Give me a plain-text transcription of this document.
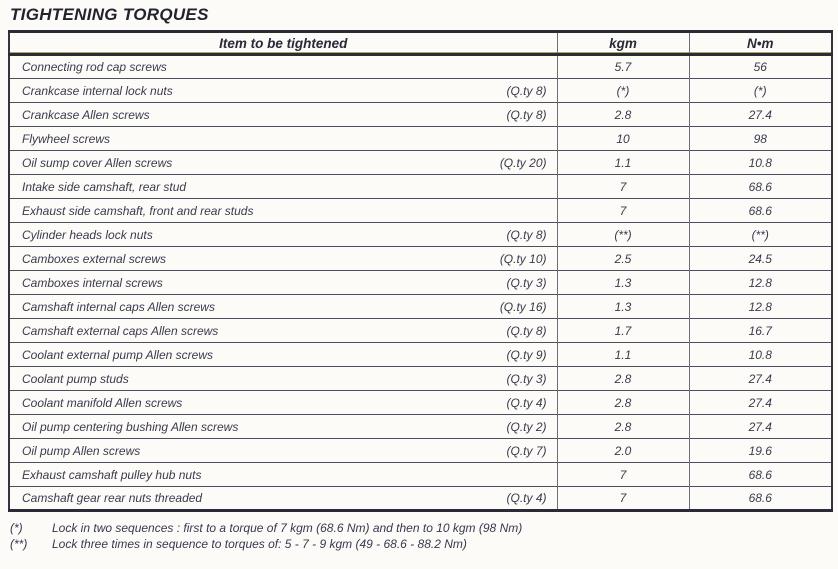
TIGHTENING TORQUES
Item to be tightened	kgm	N•m

Connecting rod cap screws	5.7	56

Crankcase internal lock nuts (Q.ty 8)	(*)	(*)

Crankcase Allen screws (Q.ty 8)	2.8	27.4

Flywheel screws	10	98

Oil sump cover Allen screws (Q.ty 20)	1.1	10.8

Intake side camshaft, rear stud	7	68.6

Exhaust side camshaft, front and rear studs	7	68.6

Cylinder heads lock nuts (Q.ty 8)	(**)	(**)

Camboxes external screws (Q.ty 10)	2.5	24.5

Camboxes internal screws (Q.ty 3)	1.3	12.8

Camshaft internal caps Allen screws (Q.ty 16)	1.3	12.8

Camshaft external caps Allen screws (Q.ty 8)	1.7	16.7

Coolant external pump Allen screws (Q.ty 9)	1.1	10.8

Coolant pump studs (Q.ty 3)	2.8	27.4

Coolant manifold Allen screws (Q.ty 4)	2.8	27.4

Oil pump centering bushing Allen screws (Q.ty 2)	2.8	27.4

Oil pump Allen screws (Q.ty 7)	2.0	19.6

Exhaust camshaft pulley hub nuts	7	68.6

Camshaft gear rear nuts threaded (Q.ty 4)	7	68.6
(*)	Lock in two sequences : first to a torque of 7 kgm (68.6 Nm) and then to 10 kgm (98 Nm)
(**)	Lock three times in sequence to torques of: 5 - 7 - 9 kgm (49 - 68.6 - 88.2 Nm)
